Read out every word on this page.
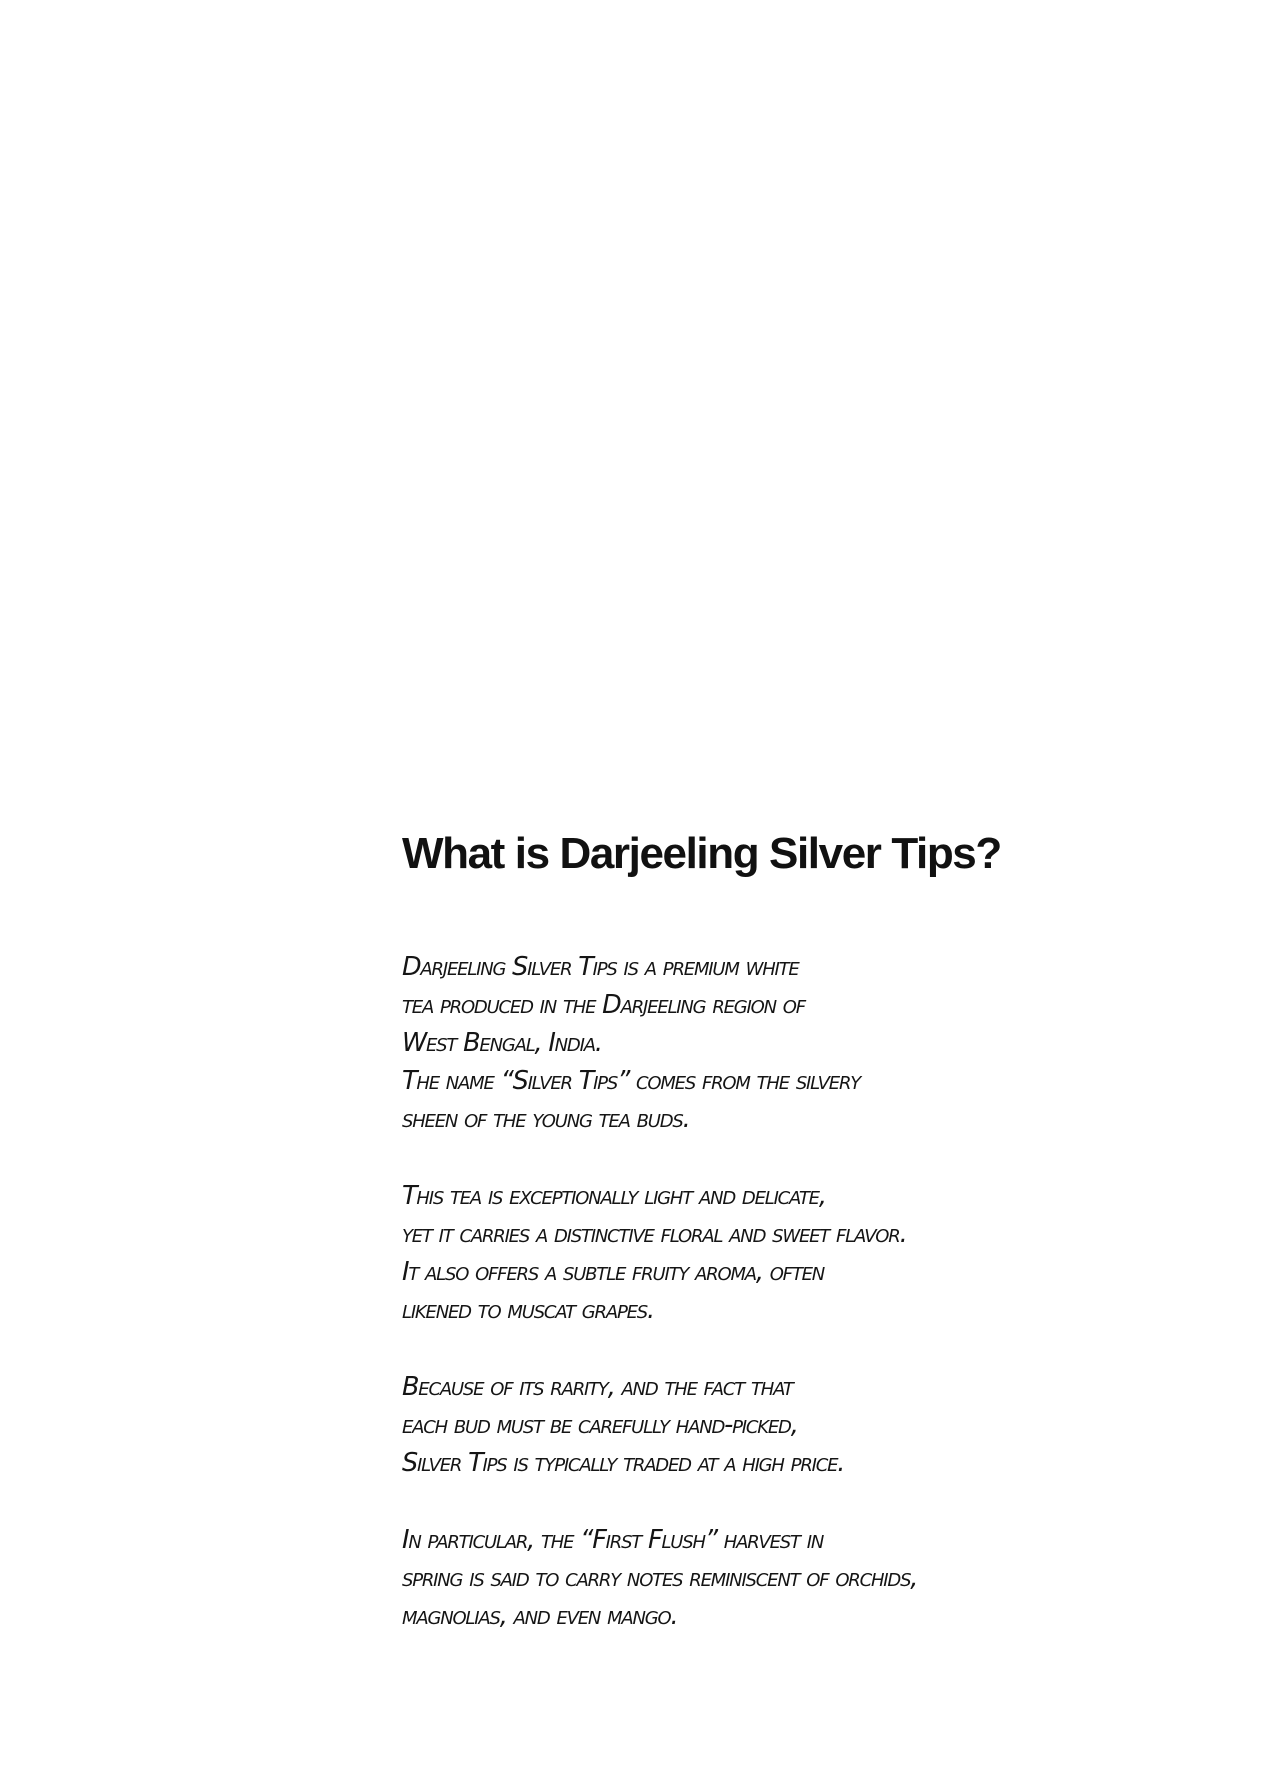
What is Darjeeling Silver Tips?

Darjeeling Silver Tips is a premium white
tea produced in the Darjeeling region of
West Bengal, India.
The name “Silver Tips” comes from the silvery
sheen of the young tea buds.

This tea is exceptionally light and delicate,
yet it carries a distinctive floral and sweet flavor.
It also offers a subtle fruity aroma, often
likened to muscat grapes.

Because of its rarity, and the fact that
each bud must be carefully hand-picked,
Silver Tips is typically traded at a high price.

In particular, the “First Flush” harvest in
spring is said to carry notes reminiscent of orchids,
magnolias, and even mango.
